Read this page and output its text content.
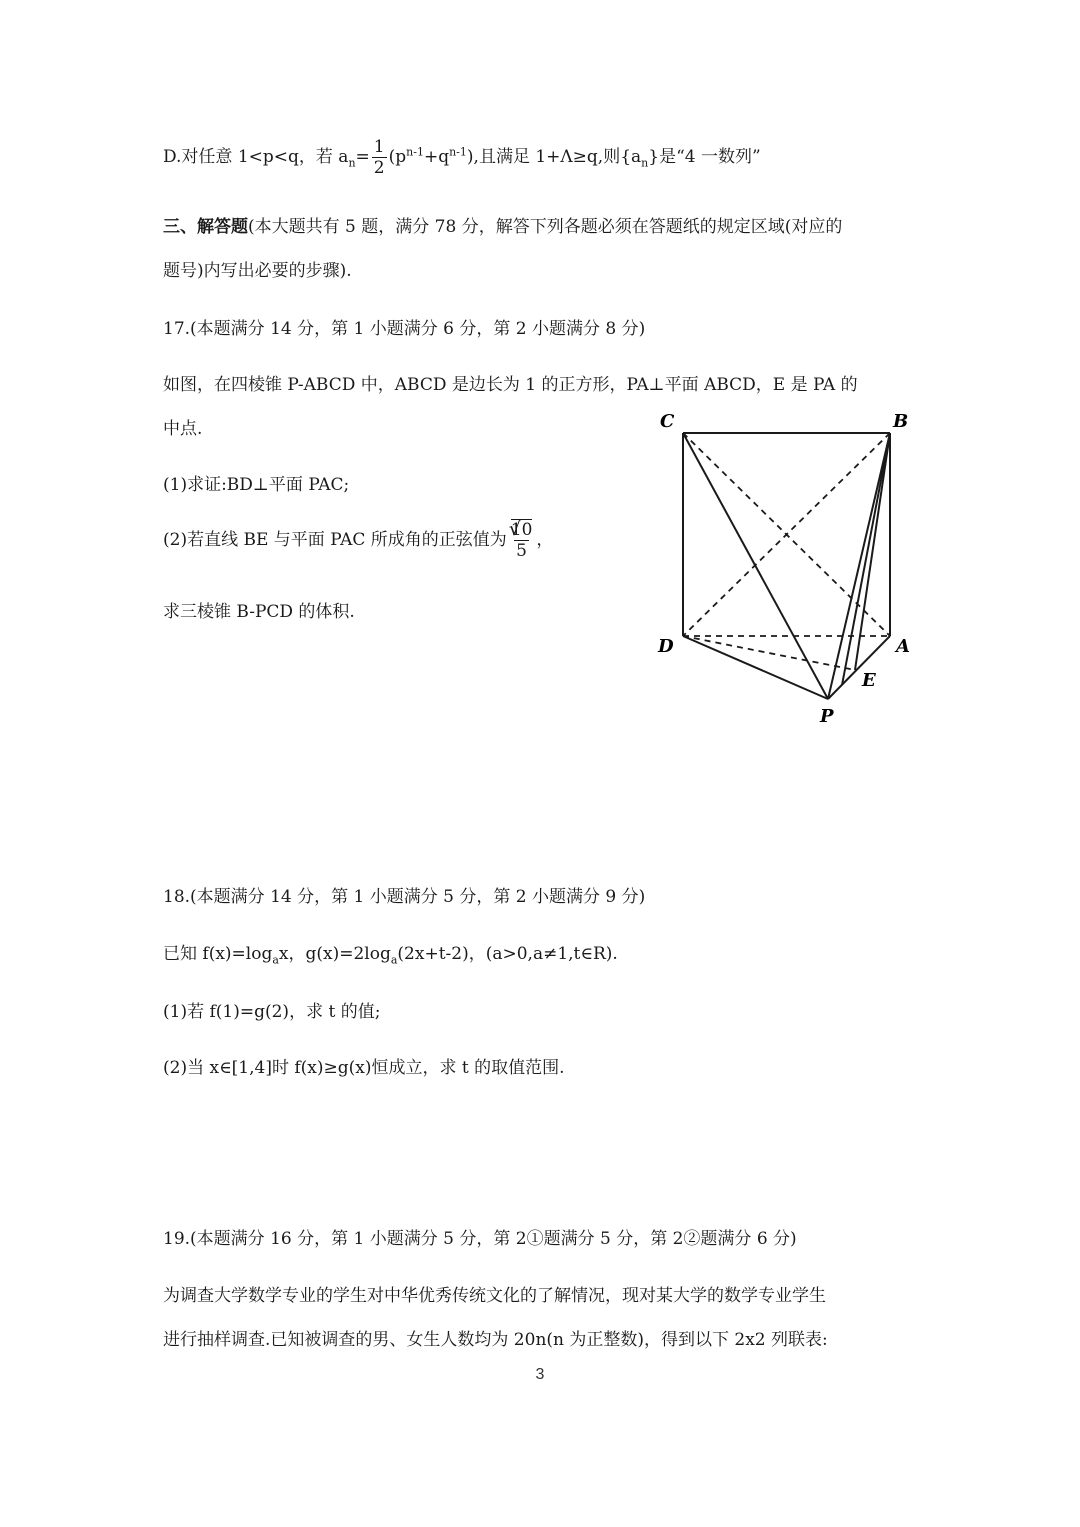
D.对任意 1<p<q，若 $a_n= \frac{1}{2} (p^{n-1}+q^{n-1})$,且满足 1+Λ≥q,则$\{a_n\}$是“4 一数列”
三、解答题(本大题共有 5 题，满分 78 分，解答下列各题必须在答题纸的规定区域(对应的
题号)内写出必要的步骤).
17.(本题满分 14 分，第 1 小题满分 6 分，第 2 小题满分 8 分)
如图，在四棱锥 P-ABCD 中，ABCD 是边长为 1 的正方形，PA⊥平面 ABCD，E 是 PA 的
中点.
(1)求证:BD⊥平面 PAC;
(2)若直线 BE 与平面 PAC 所成角的正弦值为
√ $\frac{10}{5}$ ，
求三棱锥 B-PCD 的体积.
C	B
D	A
E
P
18.(本题满分 14 分，第 1 小题满分 5 分，第 2 小题满分 9 分)
已知 $f(x)=\log_ax$，$g(x)=2\log_a(2x+t-2)$，(a>0,a≠1,t∈R).
(1)若 f(1)=g(2)，求 t 的值;
(2)当 x∈[1,4]时 f(x)≥g(x)恒成立，求 t 的取值范围.
19.(本题满分 16 分，第 1 小题满分 5 分，第 2①题满分 5 分，第 2②题满分 6 分)
为调查大学数学专业的学生对中华优秀传统文化的了解情况，现对某大学的数学专业学生
进行抽样调查.已知被调查的男、女生人数均为 20n(n 为正整数)，得到以下 2x2 列联表:
3
